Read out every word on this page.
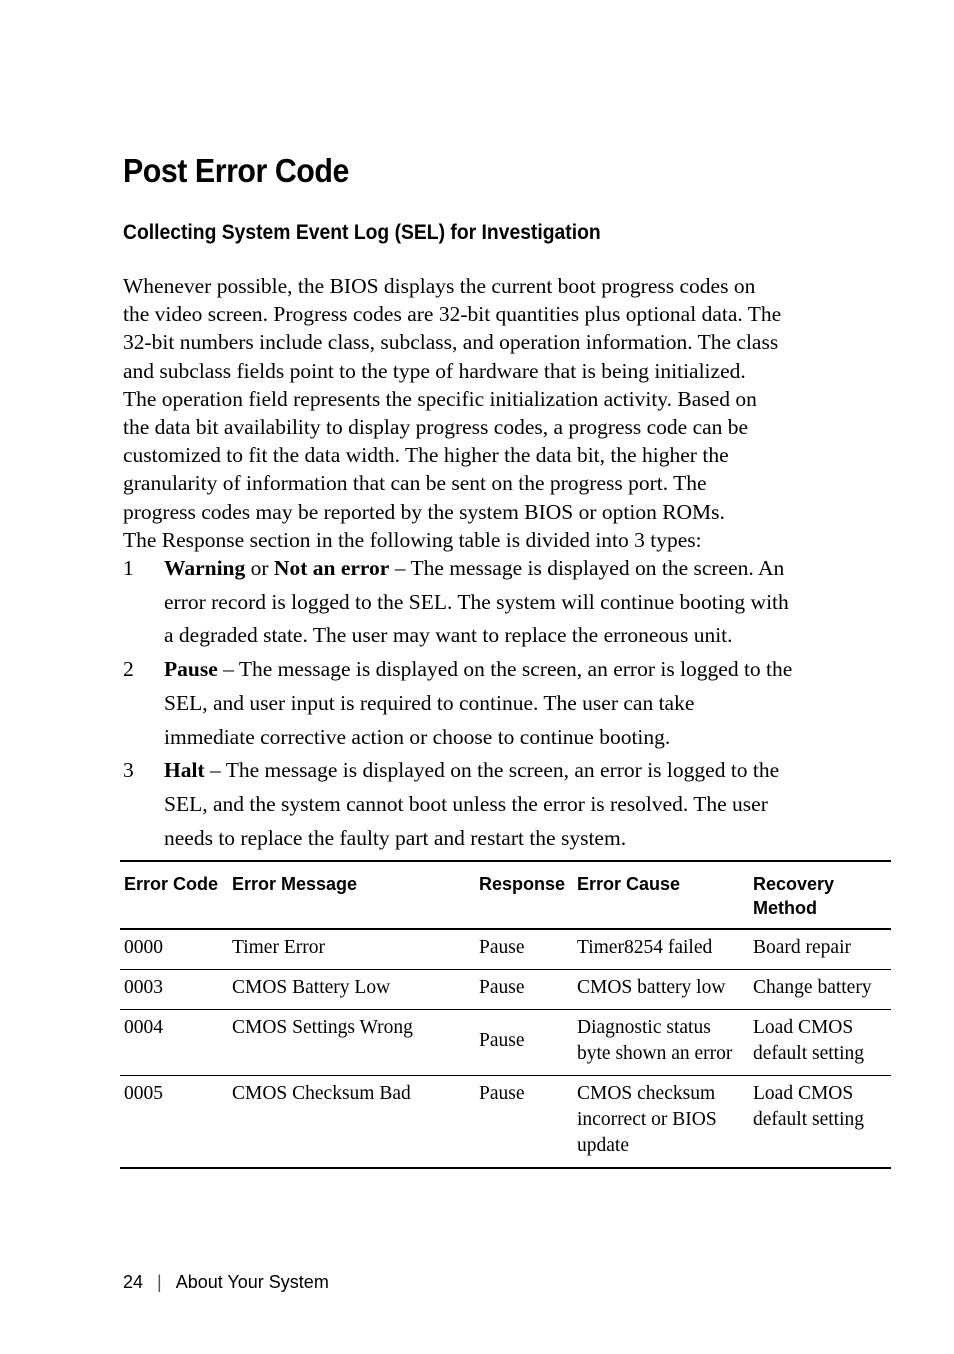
Post Error Code
Collecting System Event Log (SEL) for Investigation

Whenever possible, the BIOS displays the current boot progress codes on
the video screen. Progress codes are 32-bit quantities plus optional data. The
32-bit numbers include class, subclass, and operation information. The class
and subclass fields point to the type of hardware that is being initialized.
The operation field represents the specific initialization activity. Based on
the data bit availability to display progress codes, a progress code can be
customized to fit the data width. The higher the data bit, the higher the
granularity of information that can be sent on the progress port. The
progress codes may be reported by the system BIOS or option ROMs.
The Response section in the following table is divided into 3 types:

1 Warning or Not an error – The message is displayed on the screen. An
error record is logged to the SEL. The system will continue booting with
a degraded state. The user may want to replace the erroneous unit.
2 Pause – The message is displayed on the screen, an error is logged to the
SEL, and user input is required to continue. The user can take
immediate corrective action or choose to continue booting.
3 Halt – The message is displayed on the screen, an error is logged to the
SEL, and the system cannot boot unless the error is resolved. The user
needs to replace the faulty part and restart the system.
Error Code	Error Message	Response	Error Cause	Recovery Method
0000	Timer Error	Pause	Timer8254 failed	Board repair
0003	CMOS Battery Low	Pause	CMOS battery low	Change battery
0004	CMOS Settings Wrong	Pause	Diagnostic status byte shown an error	Load CMOS default setting
0005	CMOS Checksum Bad	Pause	CMOS checksum incorrect or BIOS update	Load CMOS default setting
24 | About Your System
